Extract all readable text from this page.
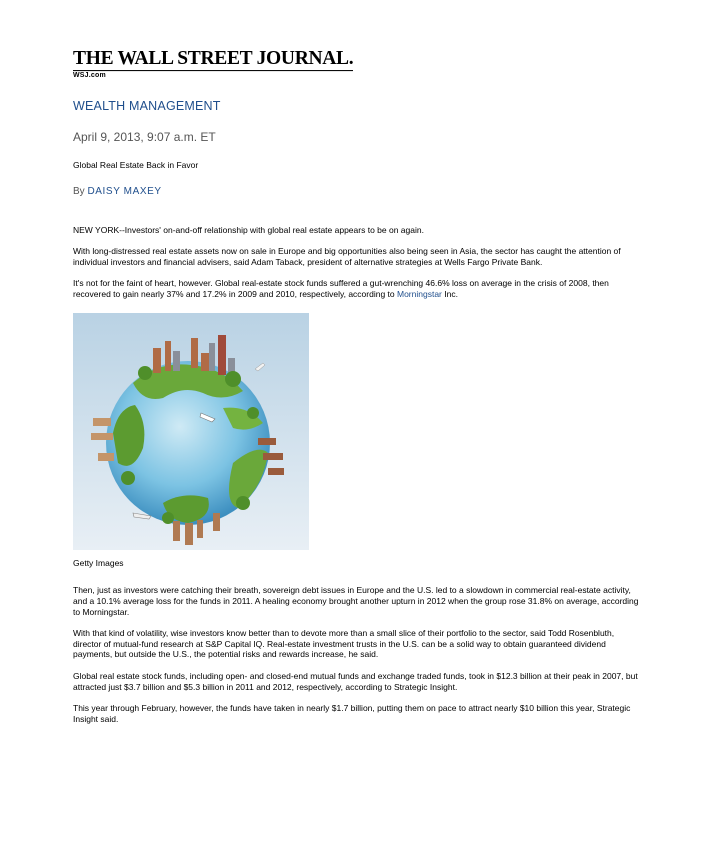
THE WALL STREET JOURNAL.
WSJ.com
WEALTH MANAGEMENT
April 9, 2013, 9:07 a.m. ET
Global Real Estate Back in Favor
By DAISY MAXEY

NEW YORK--Investors' on-and-off relationship with global real estate appears to be on again.

With long-distressed real estate assets now on sale in Europe and big opportunities also being seen in Asia, the sector has caught the attention of individual investors and financial advisers, said Adam Taback, president of alternative strategies at Wells Fargo Private Bank.

It's not for the faint of heart, however. Global real-estate stock funds suffered a gut-wrenching 46.6% loss on average in the crisis of 2008, then recovered to gain nearly 37% and 17.2% in 2009 and 2010, respectively, according to Morningstar Inc.

Getty Images

Then, just as investors were catching their breath, sovereign debt issues in Europe and the U.S. led to a slowdown in commercial real-estate activity, and a 10.1% average loss for the funds in 2011. A healing economy brought another upturn in 2012 when the group rose 31.8% on average, according to Morningstar.

With that kind of volatility, wise investors know better than to devote more than a small slice of their portfolio to the sector, said Todd Rosenbluth, director of mutual-fund research at S&P Capital IQ. Real-estate investment trusts in the U.S. can be a solid way to obtain guaranteed dividend payments, but outside the U.S., the potential risks and rewards increase, he said.

Global real estate stock funds, including open- and closed-end mutual funds and exchange traded funds, took in $12.3 billion at their peak in 2007, but attracted just $3.7 billion and $5.3 billion in 2011 and 2012, respectively, according to Strategic Insight.

This year through February, however, the funds have taken in nearly $1.7 billion, putting them on pace to attract nearly $10 billion this year, Strategic Insight said.
